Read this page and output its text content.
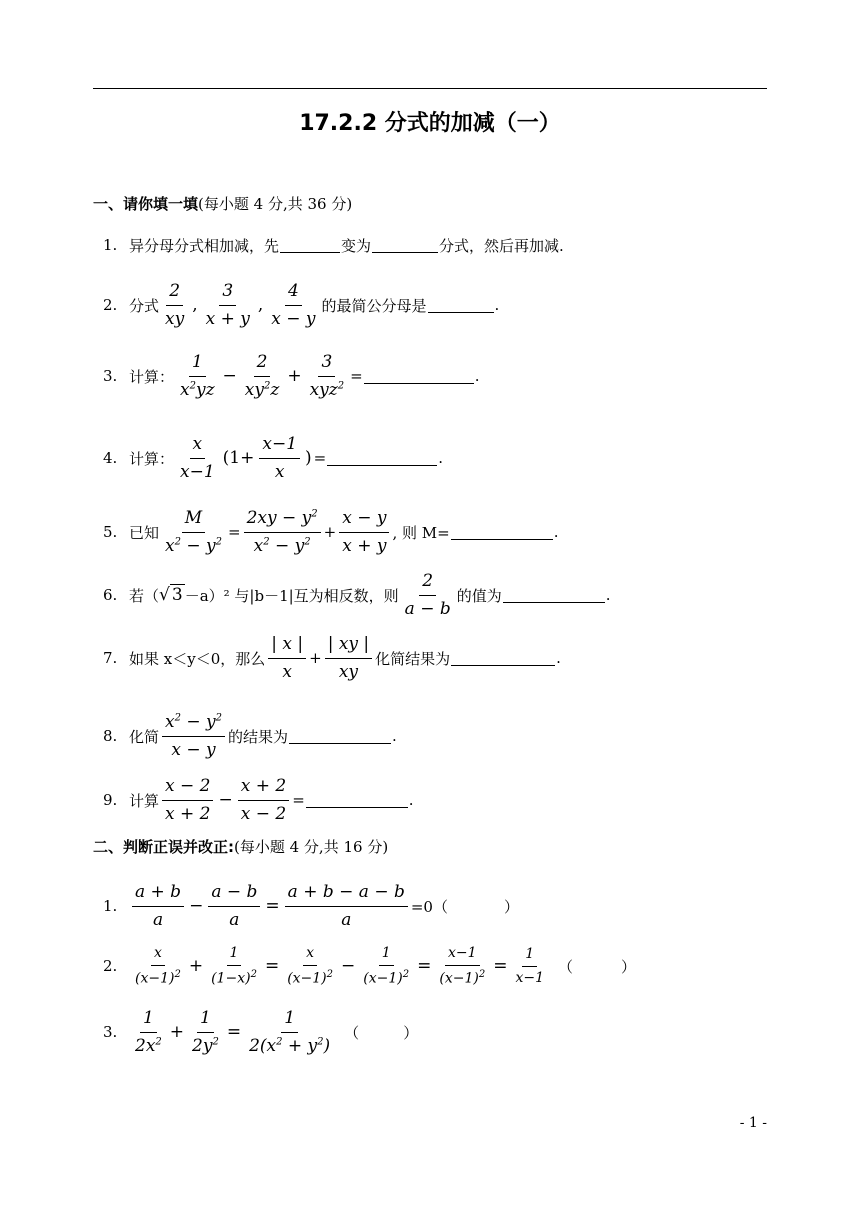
17.2.2 分式的加减（一）
一、请你填一填(每小题 4 分,共 36 分)
1. 异分母分式相加减，先	变为	分式，然后再加减.
2. 分式
2
xy
,
3
x + y
,
4
x − y
的最简公分母是	.
3. 计算：
1
$x^2yz$
− $\frac{2}{xy^2z}$ +
3
xyz$^2$
=	.
4. 计算：
x
x−1
($1+ \frac{x-1}{x}$ ) =	.
5. 已知 $\frac{M}{x^2 - y^2} = \frac{2xy - y^2}{x^2 - y^2} + \frac{x - y}{x + y}$ , 则 M=	.
6. 若（ √ 3 －a）² 与|b－1|互为相反数，则
2
a − b
的值为	.
7. 如果 x＜y＜0，那么
| x |
x
+ $\frac{| xy |}{xy}$ 化简结果为	.
8. 化简
$x^2 - y^2$
x − y
的结果为	.
9. 计算
x − 2
x + 2
− $\frac{x + 2}{x - 2}$ =	.
二、判断正误并改正:(每小题 4 分,共 16 分)
1.
a + b
a
− $\frac{a - b}{a} = \frac{a + b - a - b}{a} =0$（	）
2.
x
$(x-1)^2 + \frac{1}{(1-x)^2} = \frac{x}{(x-1)^2} - \frac{1}{(x-1)^2} = \frac{x-1}{(x-1)^2} = \frac{1}{x-1}$ （	）
3.
1
$2x^2 + \frac{1}{2y^2} = \frac{1}{2(x^2 + y^2)}$ （	）
- 1 -
